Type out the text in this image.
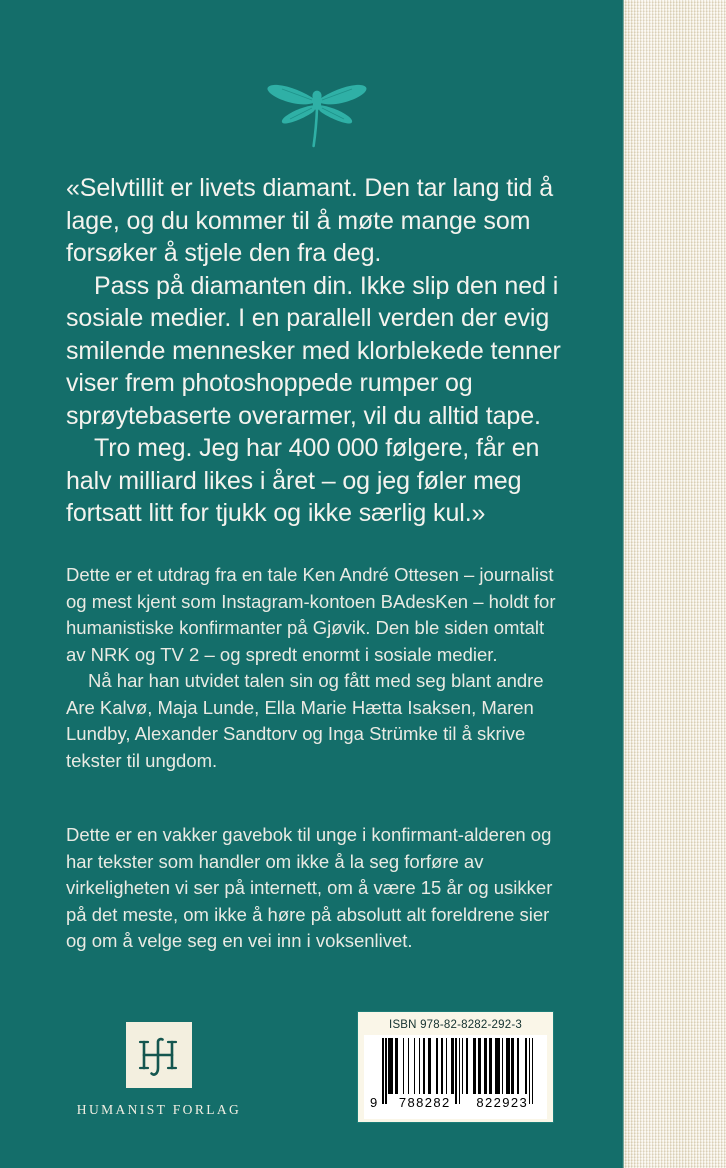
«Selvtillit er livets diamant. Den tar lang tid å lage, og du kommer til å møte mange som forsøker å stjele den fra deg.

Pass på diamanten din. Ikke slip den ned i sosiale medier. I en parallell verden der evig smilende mennesker med klorblekede tenner viser frem photoshoppede rumper og sprøytebaserte overarmer, vil du alltid tape.

Tro meg. Jeg har 400 000 følgere, får en halv milliard likes i året – og jeg føler meg fortsatt litt for tjukk og ikke særlig kul.»

Dette er et utdrag fra en tale Ken André Ottesen – journalist og mest kjent som Instagram-kontoen BAdesKen – holdt for humanistiske konfirmanter på Gjøvik. Den ble siden omtalt av NRK og TV 2 – og spredt enormt i sosiale medier.

Nå har han utvidet talen sin og fått med seg blant andre Are Kalvø, Maja Lunde, Ella Marie Hætta Isaksen, Maren Lundby, Alexander Sandtorv og Inga Strümke til å skrive tekster til ungdom.

Dette er en vakker gavebok til unge i konfirmant-alderen og har tekster som handler om ikke å la seg forføre av virkeligheten vi ser på internett, om å være 15 år og usikker på det meste, om ikke å høre på absolutt alt foreldrene sier og om å velge seg en vei inn i voksenlivet.

HUMANIST FORLAG
ISBN 978-82-8282-292-3
9	788282	822923
